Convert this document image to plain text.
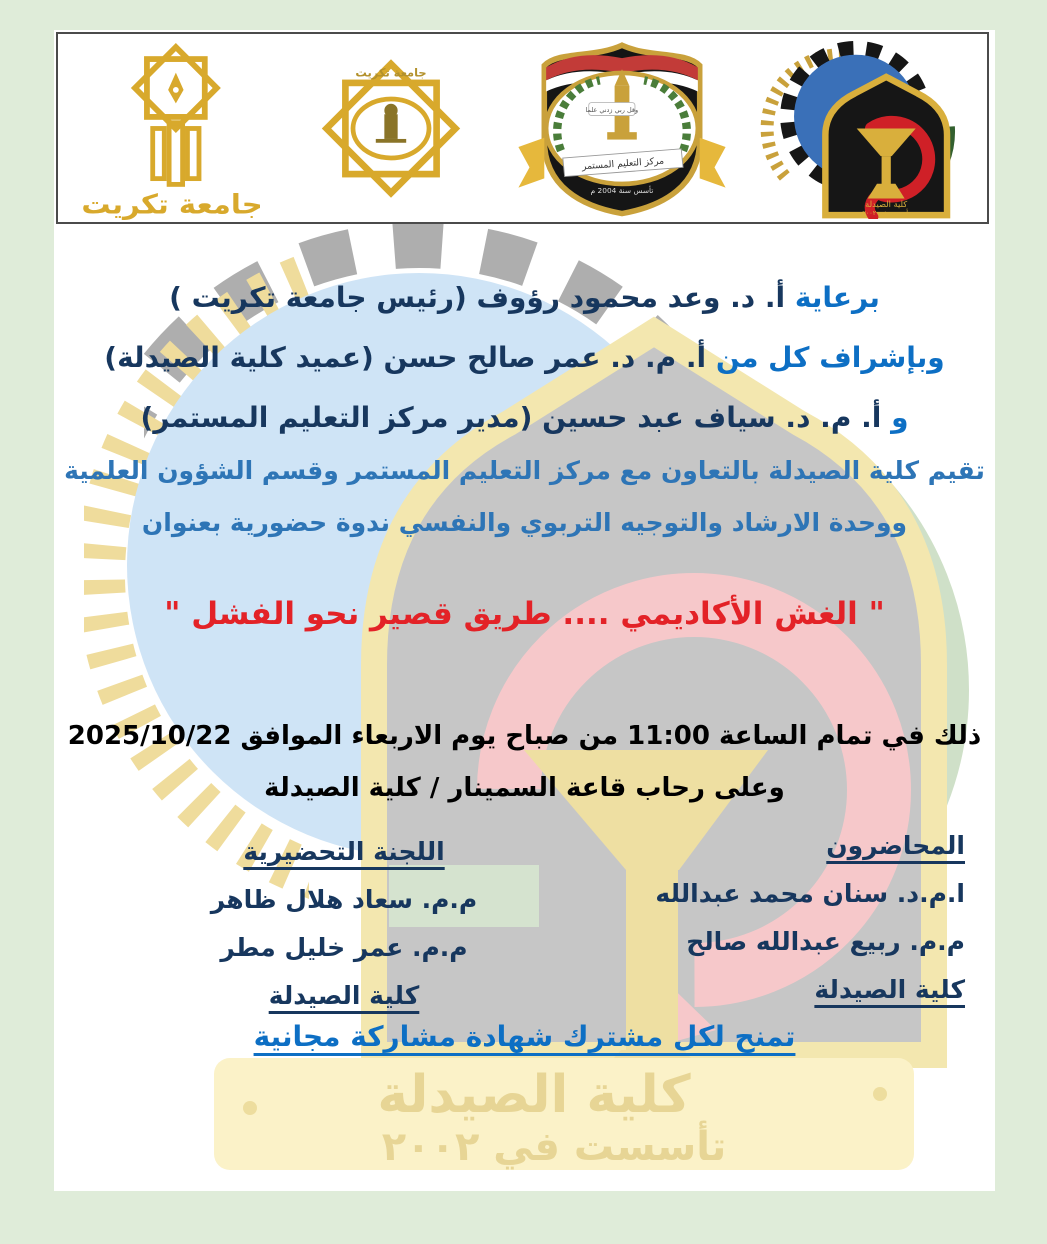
كلية الصيدلة
تأسست في ٢٠٠٢
كلية الصيدلة
تأسست في ٢٠٠٢
وقل ربي زدني علما
مركز التعليم المستمر
تأسس سنة 2004 م
جامعة تكريت
جامعة تكريت
برعاية أ. د. وعد محمود رؤوف (رئيس جامعة تكريت )
وبإشراف كل من أ. م. د. عمر صالح حسن (عميد كلية الصيدلة)
و أ. م. د. سياف عبد حسين (مدير مركز التعليم المستمر)
تقيم كلية الصيدلة بالتعاون مع مركز التعليم المستمر وقسم الشؤون العلمية
ووحدة الارشاد والتوجيه التربوي والنفسي ندوة حضورية بعنوان
" الغش الأكاديمي .... طريق قصير نحو الفشل "
ذلك في تمام الساعة 11:00 من صباح يوم الاربعاء الموافق 2025/10/22
وعلى رحاب قاعة السمينار / كلية الصيدلة
المحاضرون
ا.م.د. سنان محمد عبدالله
م.م. ربيع عبدالله صالح
كلية الصيدلة
اللجنة التحضيرية
م.م. سعاد هلال ظاهر
م.م. عمر خليل مطر
كلية الصيدلة
تمنح لكل مشترك شهادة مشاركة مجانية
